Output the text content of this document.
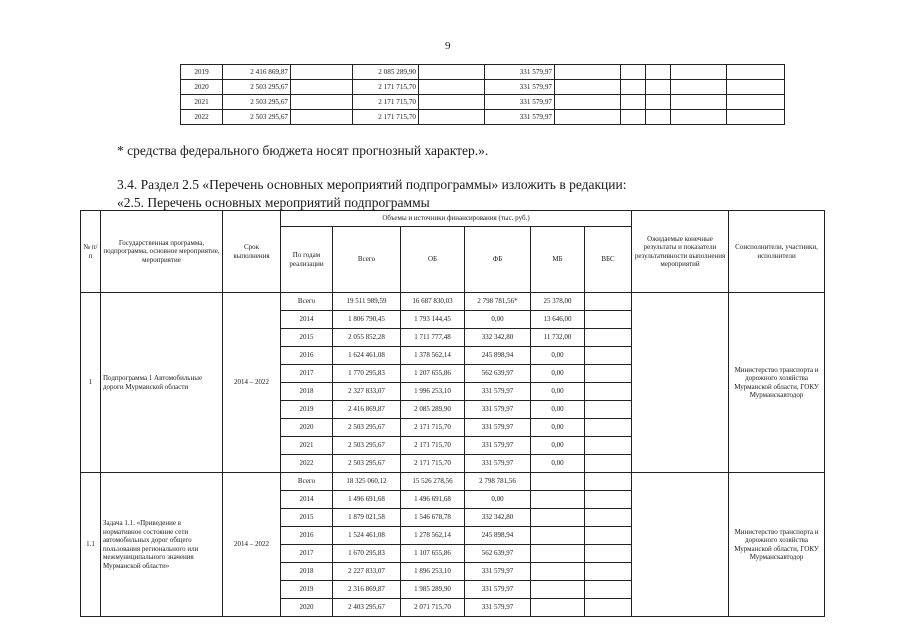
9
2019	2 416 869,87		2 085 289,90		331 579,97					
2020	2 503 295,67		2 171 715,70		331 579,97					
2021	2 503 295,67		2 171 715,70		331 579,97					
2022	2 503 295,67		2 171 715,70		331 579,97					
* средства федерального бюджета носят прогнозный характер.».
3.4. Раздел 2.5 «Перечень основных мероприятий подпрограммы» изложить в редакции:
«2.5. Перечень основных мероприятий подпрограммы
№ п/п	Государственная программа, подпрограмма, основное мероприятие, мероприятие	Срок выполнения	Объемы и источники финансирования (тыс. руб.)						Ожидаемые конечные результаты и показатели результативности выполнения мероприятий	Соисполнители, участники, исполнители
			По годам реализации	Всего	ОБ	ФБ	МБ	ВБС		
1	Подпрограмма 1 Автомобильные дороги Мурманской области	2014 – 2022	Всего	19 511 989,59	16 687 830,03	2 798 781,56*	25 378,00			Министерство транспорта и дорожного хозяйства Мурманской области, ГОКУ Мурманскавтодор
			2014	1 806 790,45	1 793 144,45	0,00	13 646,00			
			2015	2 055 852,28	1 711 777,48	332 342,80	11 732,00			
			2016	1 624 461,08	1 378 562,14	245 898,94	0,00			
			2017	1 770 295,83	1 207 655,86	562 639,97	0,00			
			2018	2 327 833,07	1 996 253,10	331 579,97	0,00			
			2019	2 416 869,87	2 085 289,90	331 579,97	0,00			
			2020	2 503 295,67	2 171 715,70	331 579,97	0,00			
			2021	2 503 295,67	2 171 715,70	331 579,97	0,00			
			2022	2 503 295,67	2 171 715,70	331 579,97	0,00			
1.1	Задача 1.1. «Приведение в нормативное состояние сети автомобильных дорог общего пользования регионального или межмуниципального значения Мурманской области»	2014 – 2022	Всего	18 325 060,12	15 526 278,56	2 798 781,56				Министерство транспорта и дорожного хозяйства Мурманской области, ГОКУ Мурманскавтодор
			2014	1 496 691,68	1 496 691,68	0,00				
			2015	1 879 021,58	1 546 678,78	332 342,80				
			2016	1 524 461,08	1 278 562,14	245 898,94				
			2017	1 670 295,83	1 107 655,86	562 639,97				
			2018	2 227 833,07	1 896 253,10	331 579,97				
			2019	2 316 869,87	1 985 289,90	331 579,97				
			2020	2 403 295,67	2 071 715,70	331 579,97				
